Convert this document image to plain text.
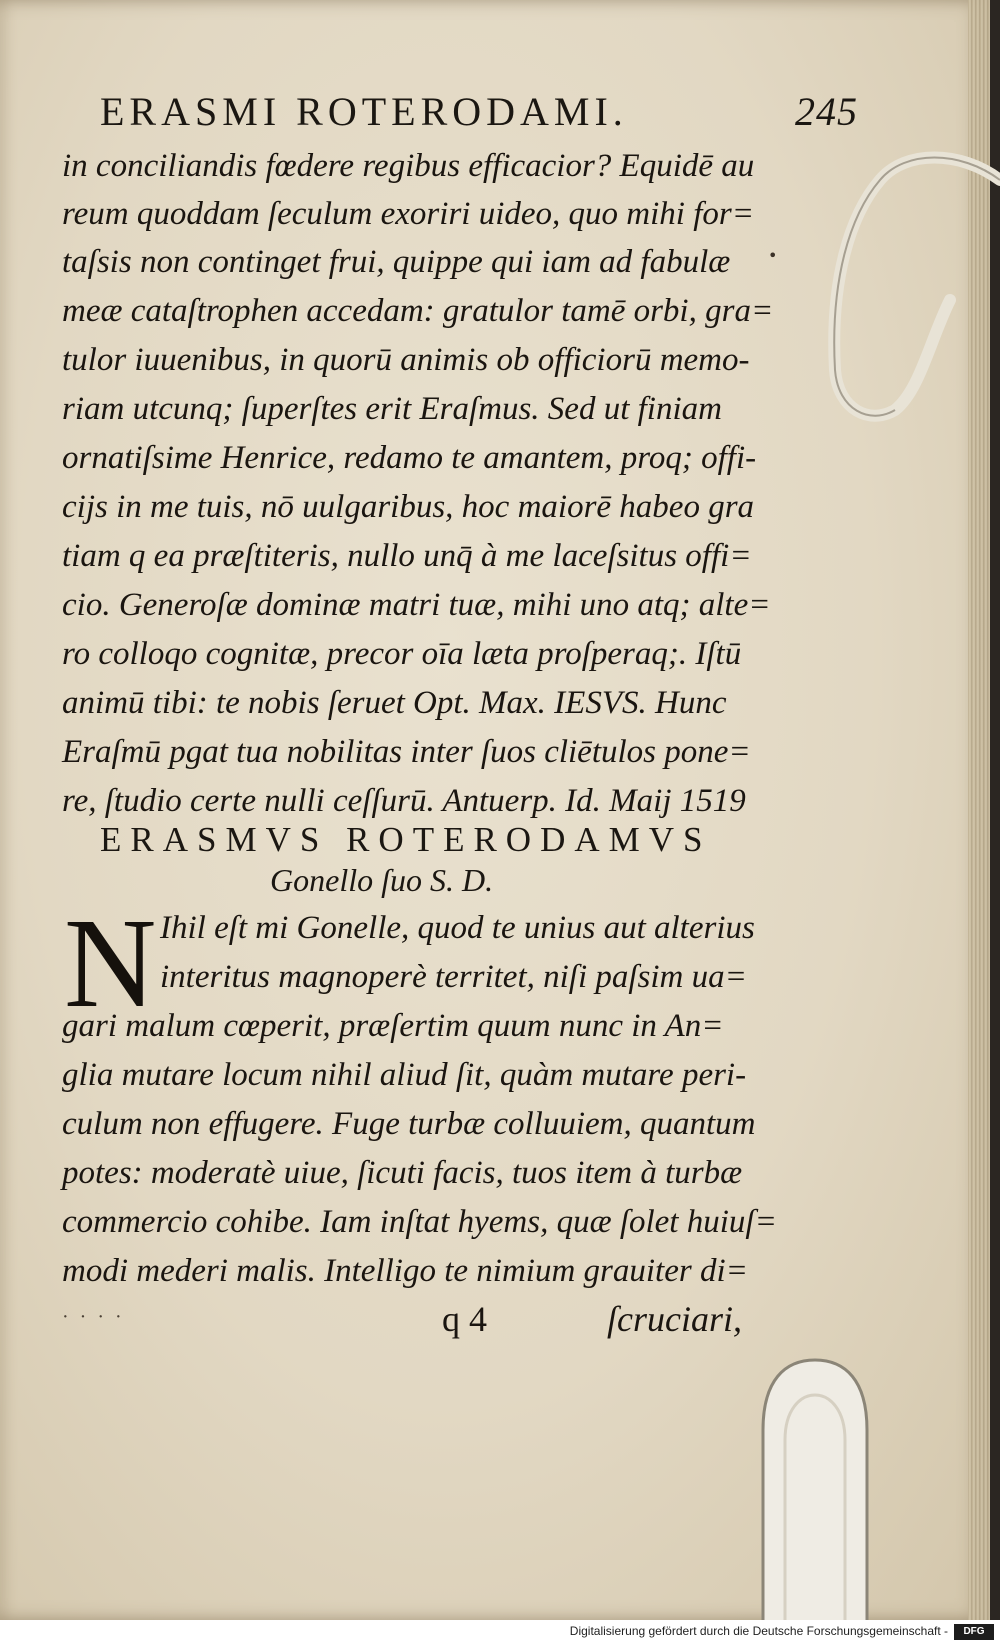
ERASMI ROTERODAMI.	245
•
in conciliandis fœdere regibus efficacior? Equidē au
reum quoddam ſeculum exoriri uideo, quo mihi for=
taſsis non continget frui, quippe qui iam ad fabulæ
meæ cataſtrophen accedam: gratulor tamē orbi, gra=
tulor iuuenibus, in quorū animis ob officiorū memo-
riam utcunq; ſuperſtes erit Eraſmus. Sed ut finiam
ornatiſsime Henrice, redamo te amantem, proq; offi-
cijs in me tuis, nō uulgaribus, hoc maiorē habeo gra
tiam q ea præſtiteris, nullo unq̄ à me laceſsitus offi=
cio. Generoſæ dominæ matri tuæ, mihi uno atq; alte=
ro colloqo cognitæ, precor oīa læta proſperaq;. Iſtū
animū tibi: te nobis ſeruet Opt. Max. IESVS. Hunc
Eraſmū pgat tua nobilitas inter ſuos cliētulos pone=
re, ſtudio certe nulli ceſſurū. Antuerp. Id. Maij 1519
ERASMVS ROTERODAMVS
Gonello ſuo S. D.
N Ihil eſt mi Gonelle, quod te unius aut alterius
interitus magnoperè territet, niſi paſsim ua=
gari malum cœperit, præſertim quum nunc in An=
glia mutare locum nihil aliud ſit, quàm mutare peri-
culum non effugere. Fuge turbæ colluuiem, quantum
potes: moderatè uiue, ſicuti facis, tuos item à turbæ
commercio cohibe. Iam inſtat hyems, quæ ſolet huiuſ=
modi mederi malis. Intelligo te nimium grauiter di=
· · · ·	q 4	ſcruciari,
Digitalisierung gefördert durch die Deutsche Forschungsgemeinschaft -	DFG
